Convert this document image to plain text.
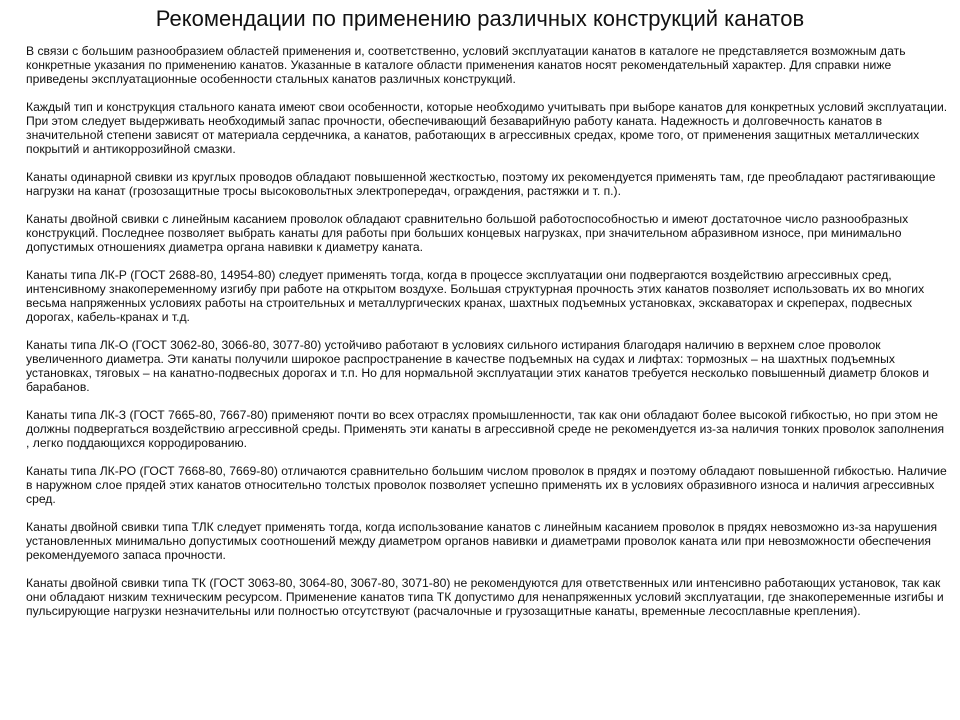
Рекомендации по применению различных конструкций канатов

В связи с большим разнообразием областей применения и, соответственно, условий эксплуатации канатов в каталоге не представляется возможным дать конкретные указания по применению канатов. Указанные в каталоге области применения канатов носят рекомендательный характер. Для справки ниже приведены эксплуатационные особенности стальных канатов различных конструкций.

Каждый тип и конструкция стального каната имеют свои особенности, которые необходимо учитывать при выборе канатов для конкретных условий эксплуатации. При этом следует выдерживать необходимый запас прочности, обеспечивающий безаварийную работу каната. Надежность и долговечность канатов в значительной степени зависят от материала сердечника, а канатов, работающих в агрессивных средах, кроме того, от применения защитных металлических покрытий и антикоррозийной смазки.

Канаты одинарной свивки из круглых проводов обладают повышенной жесткостью, поэтому их рекомендуется применять там, где преобладают растягивающие нагрузки на канат (грозозащитные тросы высоковольтных электропередач, ограждения, растяжки и т. п.).

Канаты двойной свивки с линейным касанием проволок обладают сравнительно большой работоспособностью и имеют достаточное число разнообразных конструкций. Последнее позволяет выбрать канаты для работы при больших концевых нагрузках, при значительном абразивном износе, при минимально допустимых отношениях диаметра органа навивки к диаметру каната.

Канаты типа ЛК-Р (ГОСТ 2688-80, 14954-80) следует применять тогда, когда в процессе эксплуатации они подвергаются воздействию агрессивных сред, интенсивному знакопеременному изгибу при работе на открытом воздухе. Большая структурная прочность этих канатов позволяет использовать их во многих весьма напряженных условиях работы на строительных и металлургических кранах, шахтных подъемных установках, экскаваторах и скреперах, подвесных дорогах, кабель-кранах и т.д.

Канаты типа ЛК-О (ГОСТ 3062-80, 3066-80, 3077-80) устойчиво работают в условиях сильного истирания благодаря наличию в верхнем слое проволок увеличенного диаметра. Эти канаты получили широкое распространение в качестве подъемных на судах и лифтах: тормозных – на шахтных подъемных установках, тяговых – на канатно-подвесных дорогах и т.п. Но для нормальной эксплуатации этих канатов требуется несколько повышенный диаметр блоков и барабанов.

Канаты типа ЛК-З (ГОСТ 7665-80, 7667-80) применяют почти во всех отраслях промышленности, так как они обладают более высокой гибкостью, но при этом не должны подвергаться воздействию агрессивной среды. Применять эти канаты в агрессивной среде не рекомендуется из-за наличия тонких проволок заполнения , легко поддающихся корродированию.

Канаты типа ЛК-РО (ГОСТ 7668-80, 7669-80) отличаются сравнительно большим числом проволок в прядях и поэтому обладают повышенной гибкостью. Наличие в наружном слое прядей этих канатов относительно толстых проволок позволяет успешно применять их в условиях образивного износа и наличия агрессивных сред.

Канаты двойной свивки типа ТЛК следует применять тогда, когда использование канатов с линейным касанием проволок в прядях невозможно из-за нарушения установленных минимально допустимых соотношений между диаметром органов навивки и диаметрами проволок каната или при невозможности обеспечения рекомендуемого запаса прочности.

Канаты двойной свивки типа ТК (ГОСТ 3063-80, 3064-80, 3067-80, 3071-80) не рекомендуются для ответственных или интенсивно работающих установок, так как они обладают низким техническим ресурсом. Применение канатов типа ТК допустимо для ненапряженных условий эксплуатации, где знакопеременные изгибы и пульсирующие нагрузки незначительны или полностью отсутствуют (расчалочные и грузозащитные канаты, временные лесосплавные крепления).
